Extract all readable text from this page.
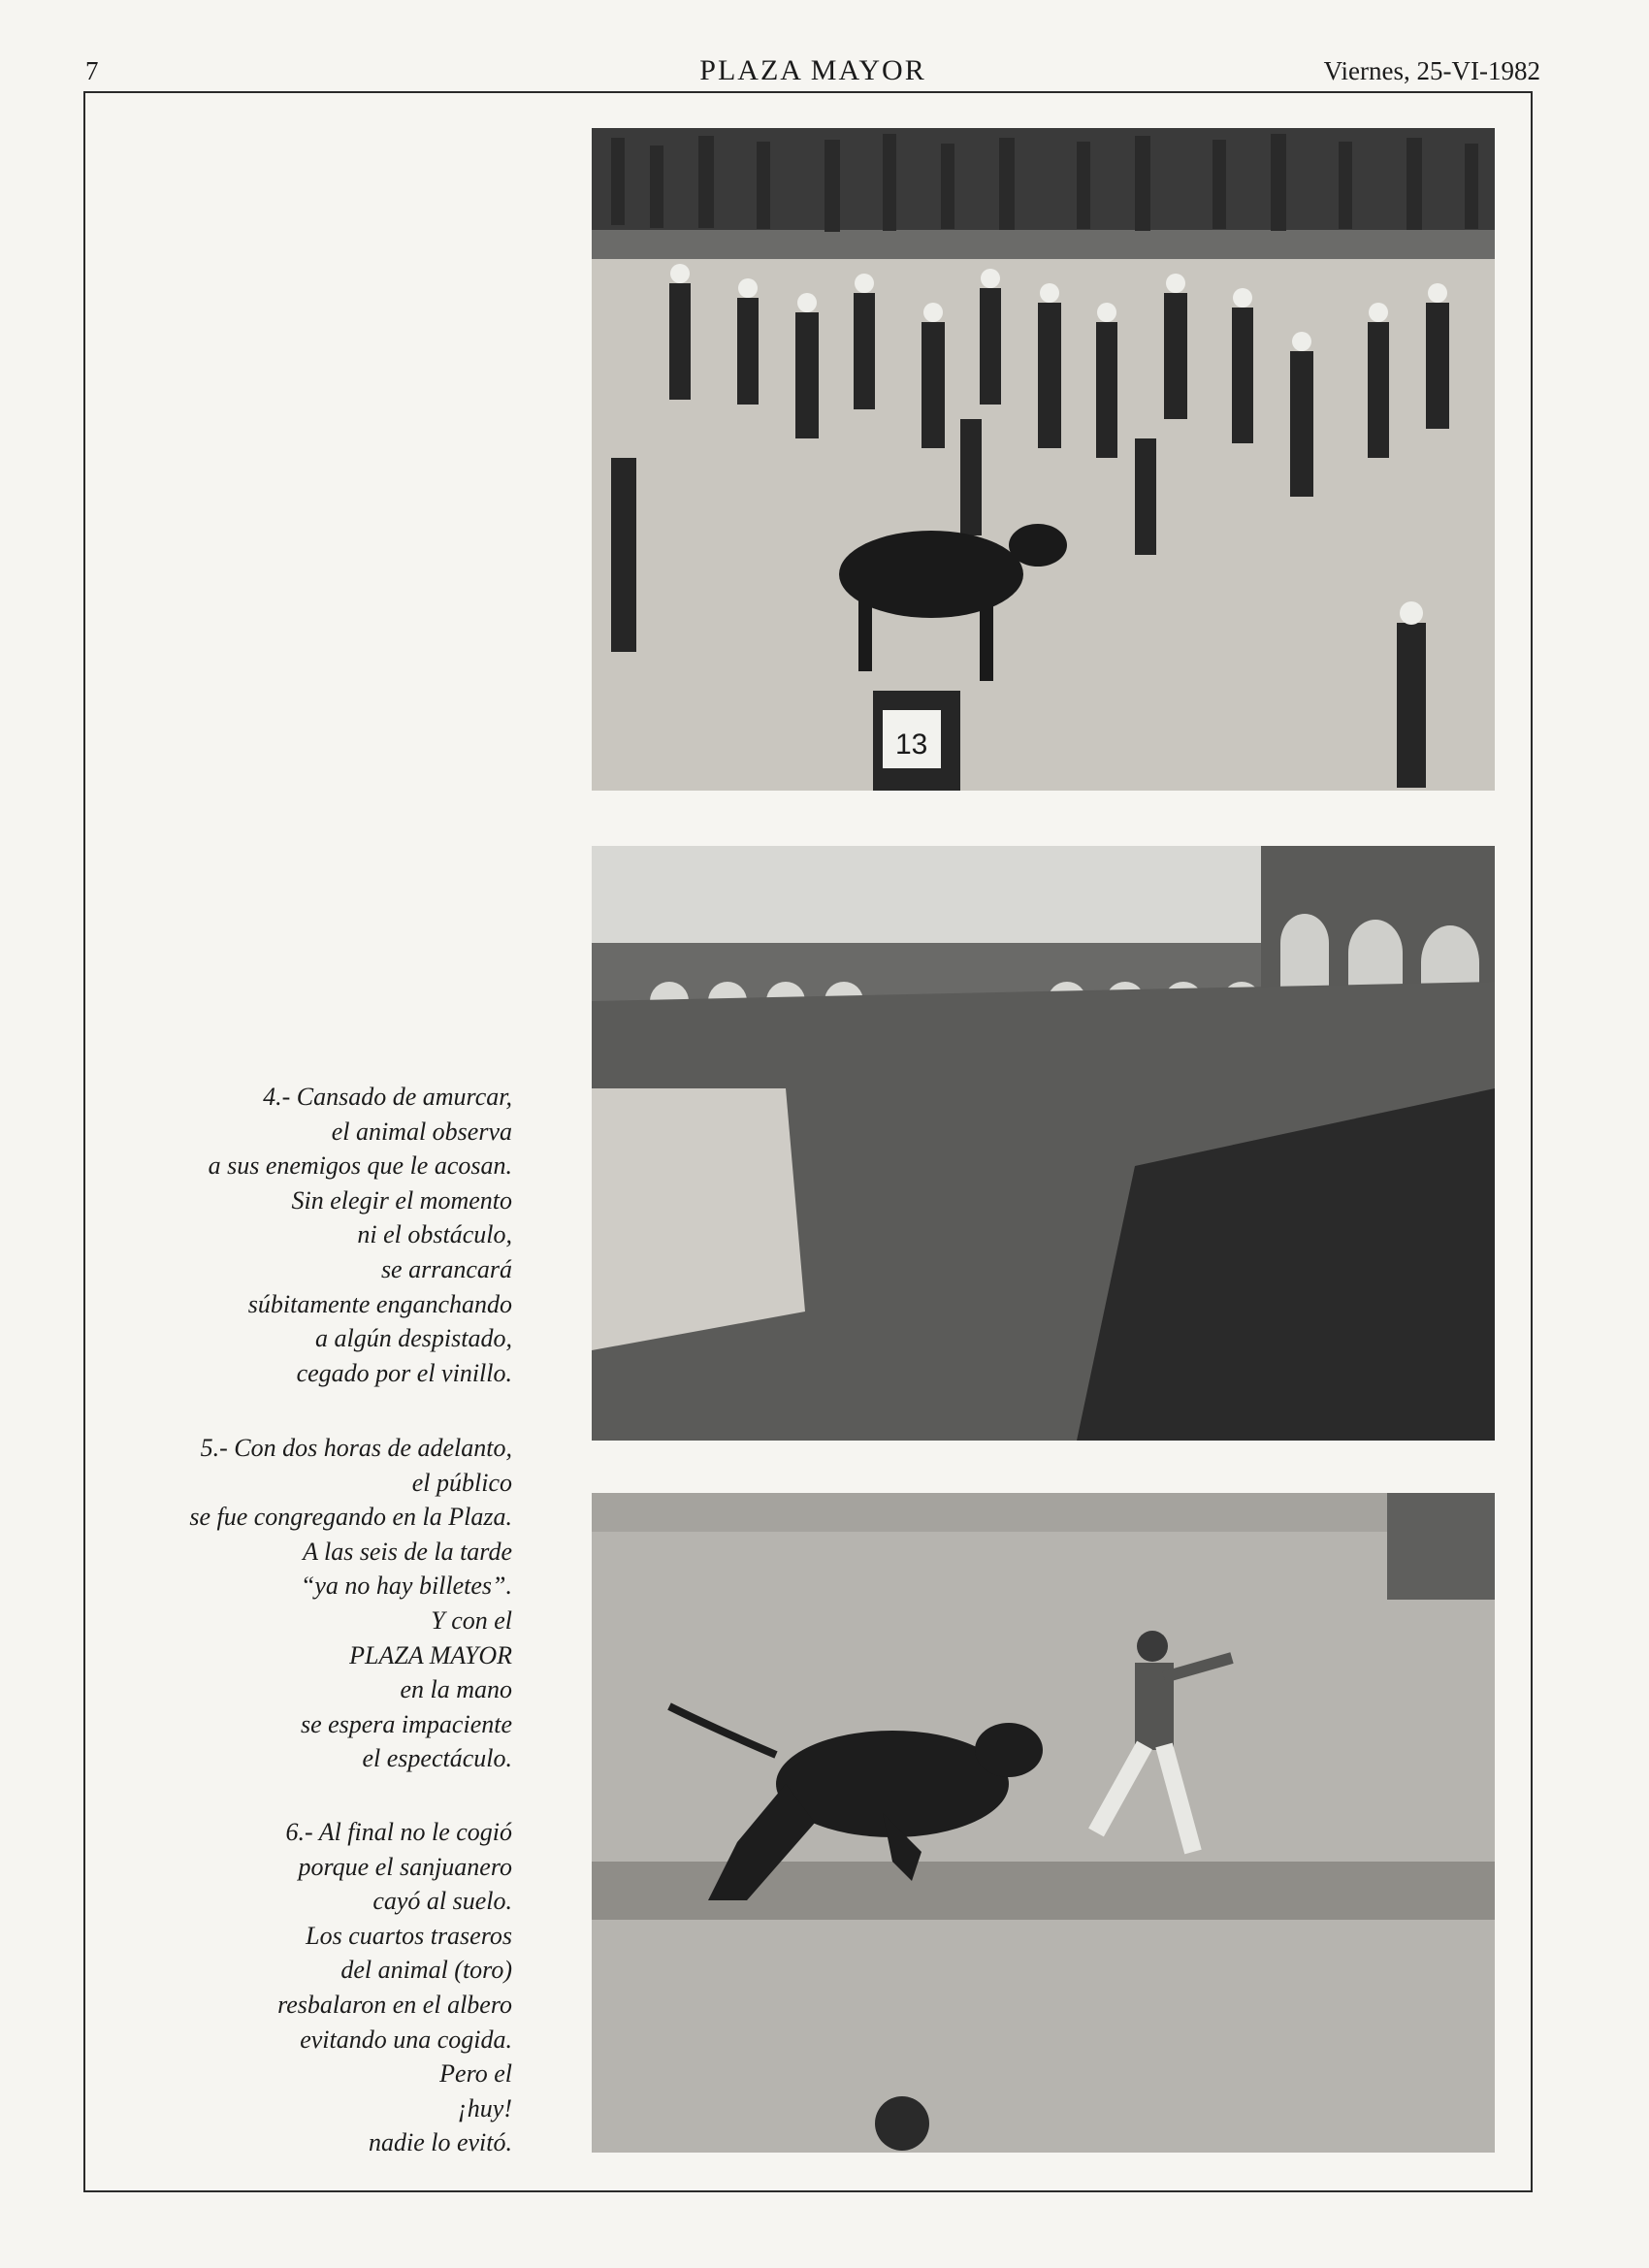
7	PLAZA MAYOR	Viernes, 25-VI-1982
13
4.- Cansado de amurcar,
el animal observa
a sus enemigos que le acosan.
Sin elegir el momento
ni el obstáculo,
se arrancará
súbitamente enganchando
a algún despistado,
cegado por el vinillo.
5.- Con dos horas de adelanto,
el público
se fue congregando en la Plaza.
A las seis de la tarde
“ya no hay billetes”.
Y con el
PLAZA MAYOR
en la mano
se espera impaciente
el espectáculo.
6.- Al final no le cogió
porque el sanjuanero
cayó al suelo.
Los cuartos traseros
del animal (toro)
resbalaron en el albero
evitando una cogida.
Pero el
¡huy!
nadie lo evitó.
